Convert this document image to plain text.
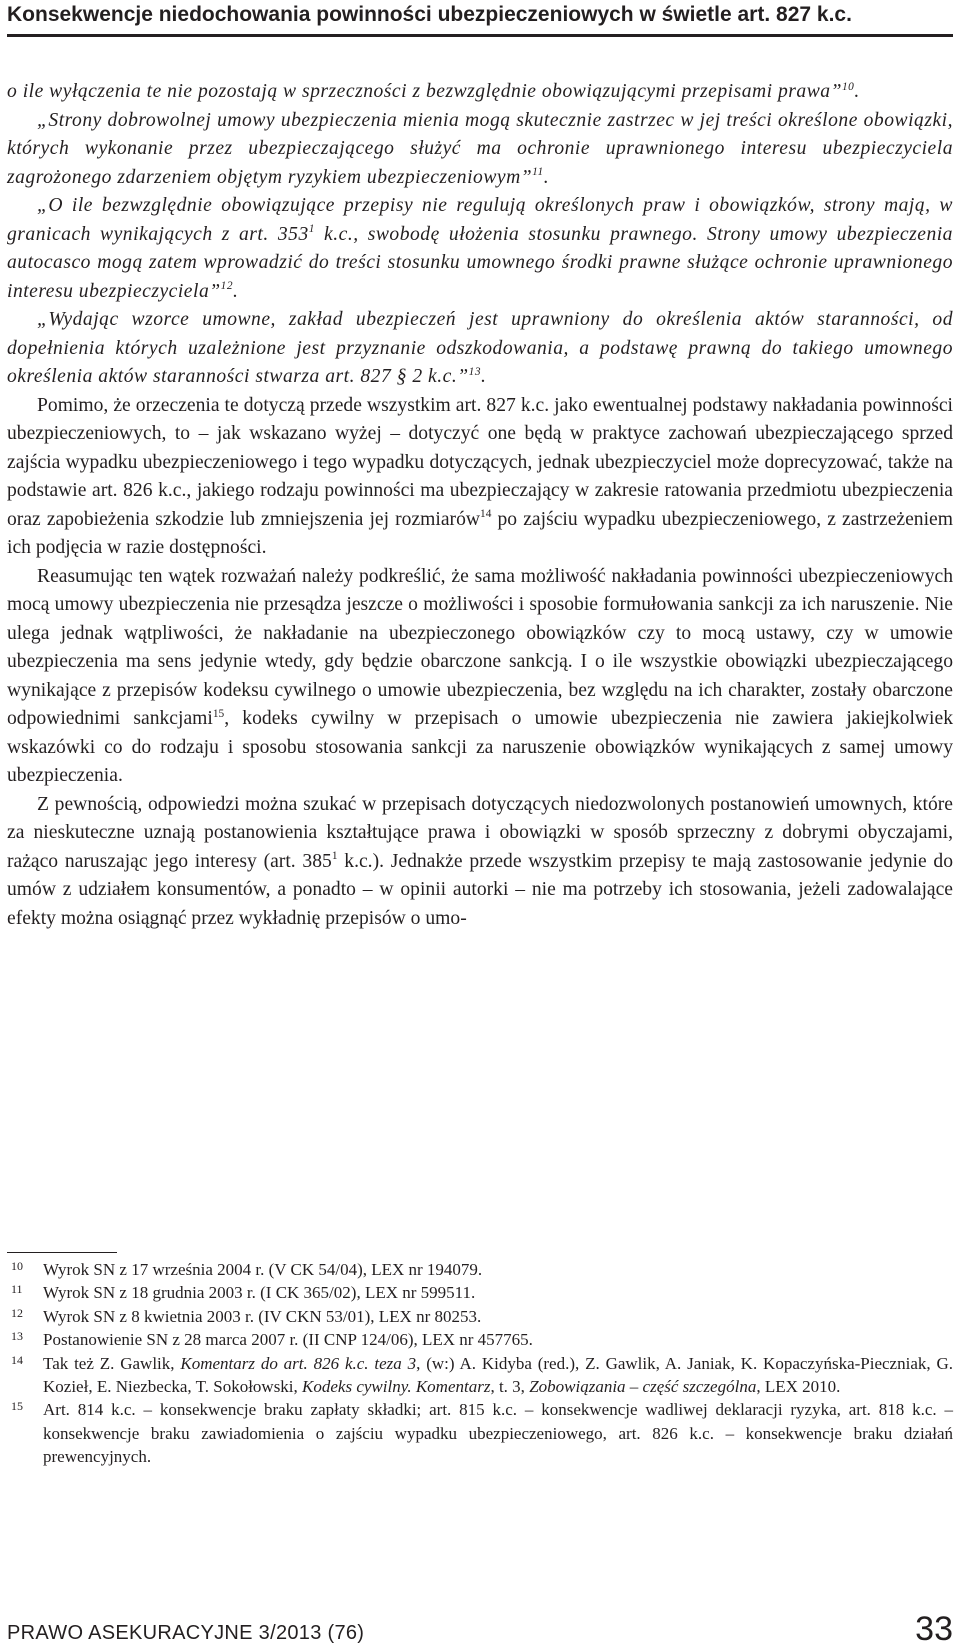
Konsekwencje niedochowania powinności ubezpieczeniowych w świetle art. 827 k.c.

o ile wyłączenia te nie pozostają w sprzeczności z bezwzględnie obowiązującymi przepisami prawa”$^{10}$.

„Strony dobrowolnej umowy ubezpieczenia mienia mogą skutecznie zastrzec w jej treści określone obowiązki, których wykonanie przez ubezpieczającego służyć ma ochronie uprawnionego interesu ubezpieczyciela zagrożonego zdarzeniem objętym ryzykiem ubezpieczeniowym”$^{11}$.

„O ile bezwzględnie obowiązujące przepisy nie regulują określonych praw i obowiązków, strony mają, w granicach wynikających z art. $353^1$ k.c., swobodę ułożenia stosunku prawnego. Strony umowy ubezpieczenia autocasco mogą zatem wprowadzić do treści stosunku umownego środki prawne służące ochronie uprawnionego interesu ubezpieczyciela”$^{12}$.

„Wydając wzorce umowne, zakład ubezpieczeń jest uprawniony do określenia aktów staranności, od dopełnienia których uzależnione jest przyznanie odszkodowania, a podstawę prawną do takiego umownego określenia aktów staranności stwarza art. 827 § 2 k.c.”$^{13}$.

Pomimo, że orzeczenia te dotyczą przede wszystkim art. 827 k.c. jako ewentualnej podstawy nakładania powinności ubezpieczeniowych, to – jak wskazano wyżej – dotyczyć one będą w praktyce zachowań ubezpieczającego sprzed zajścia wypadku ubezpieczeniowego i tego wypadku dotyczących, jednak ubezpieczyciel może doprecyzować, także na podstawie art. 826 k.c., jakiego rodzaju powinności ma ubezpieczający w zakresie ratowania przedmiotu ubezpieczenia oraz zapobieżenia szkodzie lub zmniejszenia jej rozmiarów$^{14}$ po zajściu wypadku ubezpieczeniowego, z zastrzeżeniem ich podjęcia w razie dostępności.

Reasumując ten wątek rozważań należy podkreślić, że sama możliwość nakładania powinności ubezpieczeniowych mocą umowy ubezpieczenia nie przesądza jeszcze o możliwości i sposobie formułowania sankcji za ich naruszenie. Nie ulega jednak wątpliwości, że nakładanie na ubezpieczonego obowiązków czy to mocą ustawy, czy w umowie ubezpieczenia ma sens jedynie wtedy, gdy będzie obarczone sankcją. I o ile wszystkie obowiązki ubezpieczającego wynikające z przepisów kodeksu cywilnego o umowie ubezpieczenia, bez względu na ich charakter, zostały obarczone odpowiednimi sankcjami$^{15}$, kodeks cywilny w przepisach o umowie ubezpieczenia nie zawiera jakiejkolwiek wskazówki co do rodzaju i sposobu stosowania sankcji za naruszenie obowiązków wynikających z samej umowy ubezpieczenia.

Z pewnością, odpowiedzi można szukać w przepisach dotyczących niedozwolonych postanowień umownych, które za nieskuteczne uznają postanowienia kształtujące prawa i obowiązki w sposób sprzeczny z dobrymi obyczajami, rażąco naruszając jego interesy (art. $385^1$ k.c.). Jednakże przede wszystkim przepisy te mają zastosowanie jedynie do umów z udziałem konsumentów, a ponadto – w opinii autorki – nie ma potrzeby ich stosowania, jeżeli zadowalające efekty można osiągnąć przez wykładnię przepisów o umo-

10 Wyrok SN z 17 września 2004 r. (V CK 54/04), LEX nr 194079.

11 Wyrok SN z 18 grudnia 2003 r. (I CK 365/02), LEX nr 599511.

12 Wyrok SN z 8 kwietnia 2003 r. (IV CKN 53/01), LEX nr 80253.

13 Postanowienie SN z 28 marca 2007 r. (II CNP 124/06), LEX nr 457765.

14 Tak też Z. Gawlik, Komentarz do art. 826 k.c. teza 3, (w:) A. Kidyba (red.), Z. Gawlik, A. Janiak, K. Kopaczyńska-Pieczniak, G. Kozieł, E. Niezbecka, T. Sokołowski, Kodeks cywilny. Komentarz, t. 3, Zobowiązania – część szczególna, LEX 2010.

15 Art. 814 k.c. – konsekwencje braku zapłaty składki; art. 815 k.c. – konsekwencje wadliwej deklaracji ryzyka, art. 818 k.c. – konsekwencje braku zawiadomienia o zajściu wypadku ubezpieczeniowego, art. 826 k.c. – konsekwencje braku działań prewencyjnych.

PRAWO ASEKURACYJNE 3/2013 (76)	33
